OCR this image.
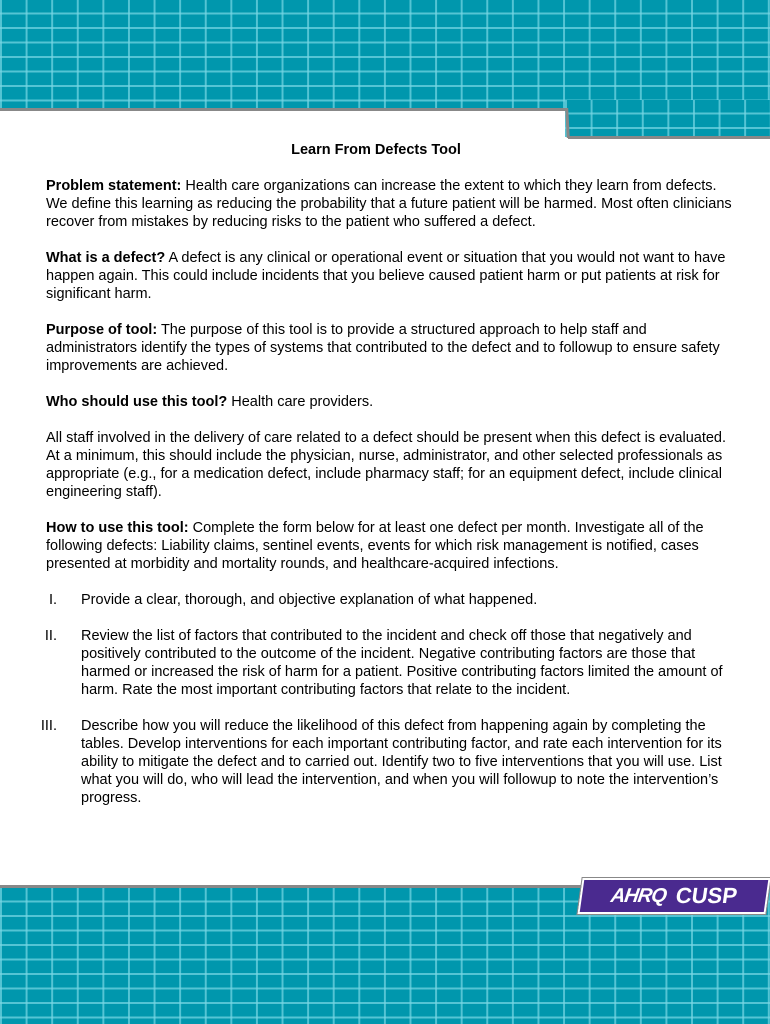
Learn From Defects Tool

Problem statement: Health care organizations can increase the extent to which they learn from defects. We define this learning as reducing the probability that a future patient will be harmed. Most often clinicians recover from mistakes by reducing risks to the patient who suffered a defect.

What is a defect? A defect is any clinical or operational event or situation that you would not want to have happen again. This could include incidents that you believe caused patient harm or put patients at risk for significant harm.

Purpose of tool: The purpose of this tool is to provide a structured approach to help staff and administrators identify the types of systems that contributed to the defect and to followup to ensure safety improvements are achieved.

Who should use this tool? Health care providers.

All staff involved in the delivery of care related to a defect should be present when this defect is evaluated. At a minimum, this should include the physician, nurse, administrator, and other selected professionals as appropriate (e.g., for a medication defect, include pharmacy staff; for an equipment defect, include clinical engineering staff).

How to use this tool: Complete the form below for at least one defect per month. Investigate all of the following defects: Liability claims, sentinel events, events for which risk management is notified, cases presented at morbidity and mortality rounds, and healthcare-acquired infections.

I.	Provide a clear, thorough, and objective explanation of what happened.
II.	Review the list of factors that contributed to the incident and check off those that negatively and positively contributed to the outcome of the incident. Negative contributing factors are those that harmed or increased the risk of harm for a patient. Positive contributing factors limited the amount of harm. Rate the most important contributing factors that relate to the incident.
III.	Describe how you will reduce the likelihood of this defect from happening again by completing the tables. Develop interventions for each important contributing factor, and rate each intervention for its ability to mitigate the defect and to carried out. Identify two to five interventions that you will use. List what you will do, who will lead the intervention, and when you will followup to note the intervention’s progress.
AHRQ CUSP
